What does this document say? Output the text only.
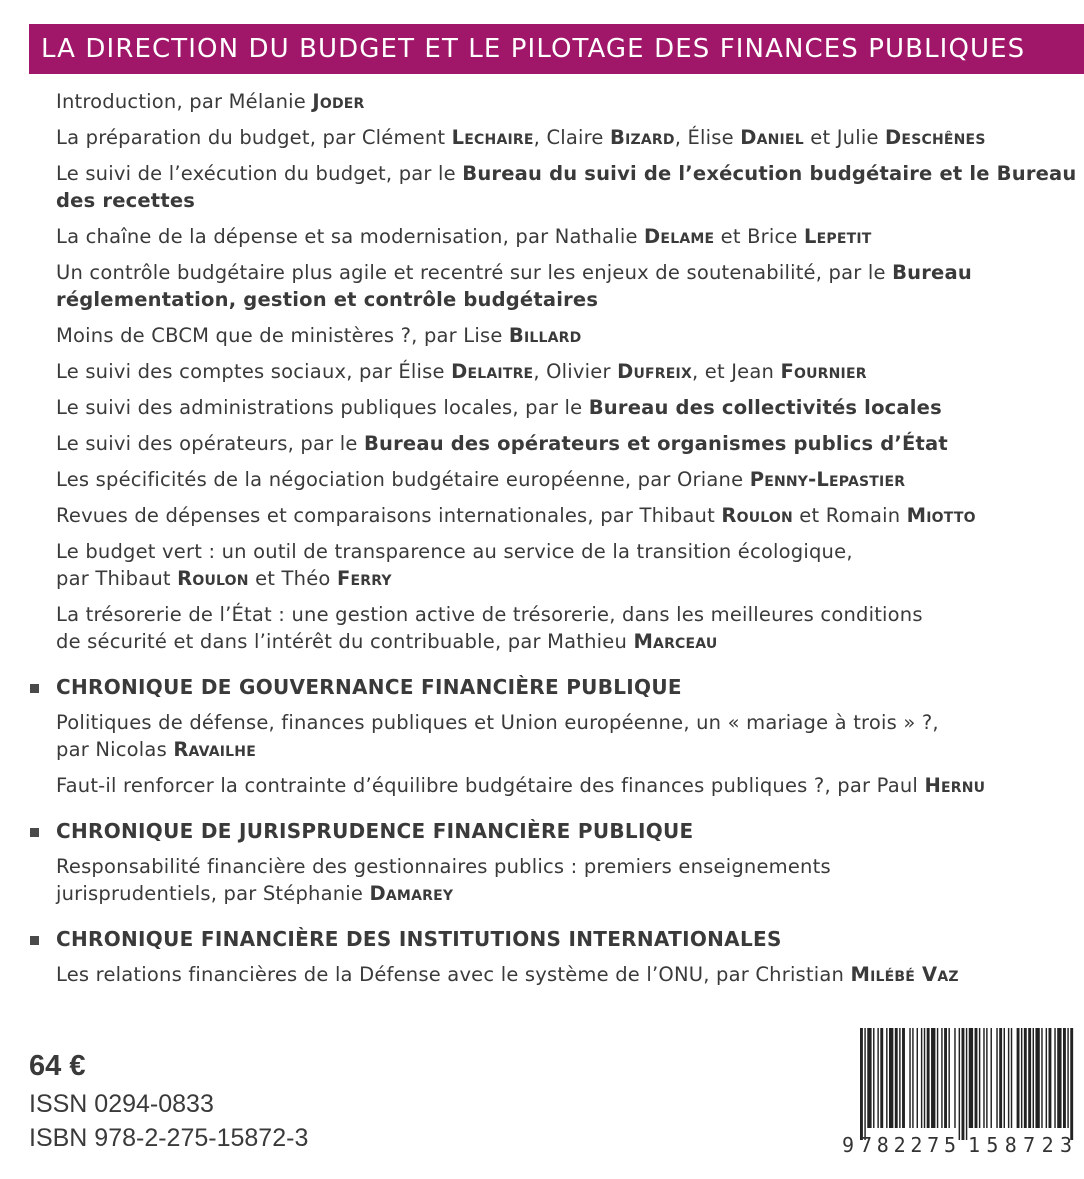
LA DIRECTION DU BUDGET ET LE PILOTAGE DES FINANCES PUBLIQUES
Introduction, par Mélanie Joder
La préparation du budget, par Clément Lechaire, Claire Bizard, Élise Daniel et Julie Deschênes
Le suivi de l’exécution du budget, par le Bureau du suivi de l’exécution budgétaire et le Bureau des recettes
La chaîne de la dépense et sa modernisation, par Nathalie Delame et Brice Lepetit
Un contrôle budgétaire plus agile et recentré sur les enjeux de soutenabilité, par le Bureau réglementation, gestion et contrôle budgétaires
Moins de CBCM que de ministères ?, par Lise Billard
Le suivi des comptes sociaux, par Élise Delaitre, Olivier Dufreix, et Jean Fournier
Le suivi des administrations publiques locales, par le Bureau des collectivités locales
Le suivi des opérateurs, par le Bureau des opérateurs et organismes publics d’État
Les spécificités de la négociation budgétaire européenne, par Oriane Penny-Lepastier
Revues de dépenses et comparaisons internationales, par Thibaut Roulon et Romain Miotto
Le budget vert : un outil de transparence au service de la transition écologique,
par Thibaut Roulon et Théo Ferry
La trésorerie de l’État : une gestion active de trésorerie, dans les meilleures conditions
de sécurité et dans l’intérêt du contribuable, par Mathieu Marceau
CHRONIQUE DE GOUVERNANCE FINANCIÈRE PUBLIQUE
Politiques de défense, finances publiques et Union européenne, un « mariage à trois » ?,
par Nicolas Ravailhe
Faut-il renforcer la contrainte d’équilibre budgétaire des finances publiques ?, par Paul Hernu
CHRONIQUE DE JURISPRUDENCE FINANCIÈRE PUBLIQUE
Responsabilité financière des gestionnaires publics : premiers enseignements
jurisprudentiels, par Stéphanie Damarey
CHRONIQUE FINANCIÈRE DES INSTITUTIONS INTERNATIONALES
Les relations financières de la Défense avec le système de l’ONU, par Christian Milébé Vaz
64 €
ISSN 0294-0833
ISBN 978-2-275-15872-3	9 782275 158723
